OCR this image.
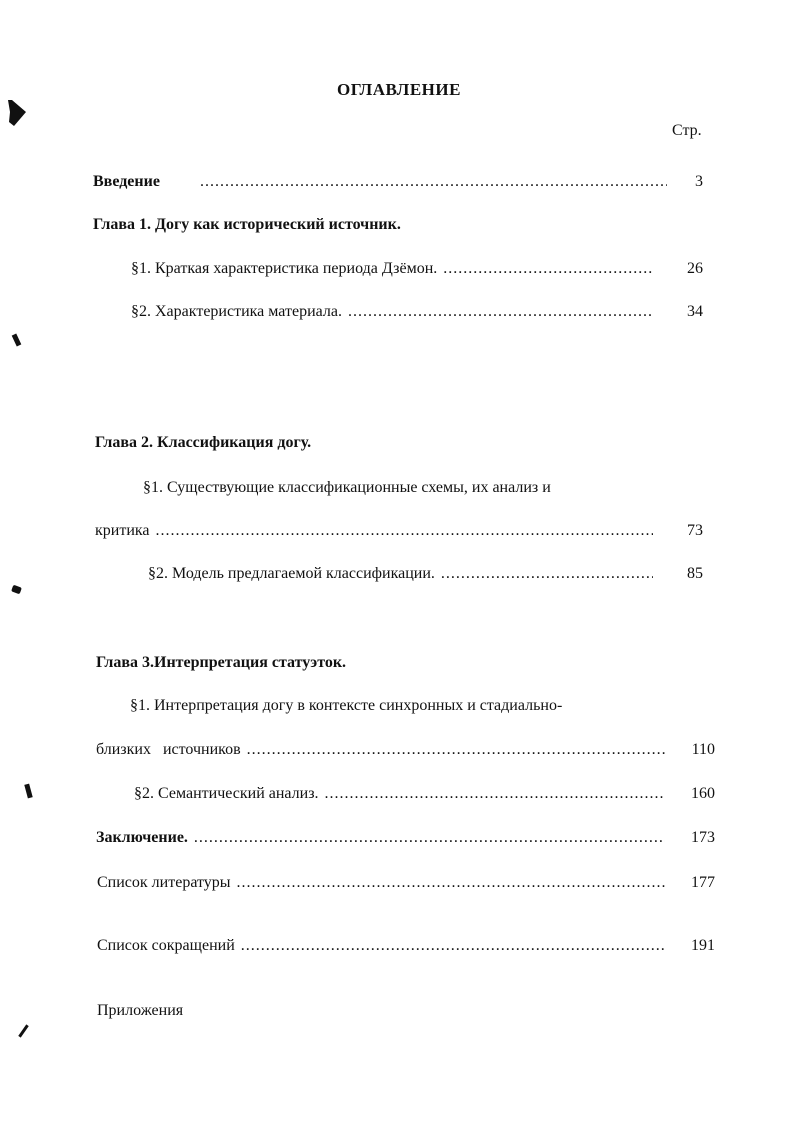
ОГЛАВЛЕНИЕ
Стр.
Введение .....	3
Глава 1. Догу как исторический источник.
§1. Краткая характеристика периода Дзёмон. .....	26
§2. Характеристика материала. .....	34
Глава 2. Классификация догу.
§1. Существующие классификационные схемы, их анализ и
критика .....	73
§2. Модель предлагаемой классификации. .....	85
Глава 3.Интерпретация статуэток.
§1. Интерпретация догу в контексте синхронных и стадиально-
близких   источников .....	110
§2. Семантический анализ. .....	160
Заключение. .....	173
Список литературы .....	177
Список сокращений .....	191
Приложения
